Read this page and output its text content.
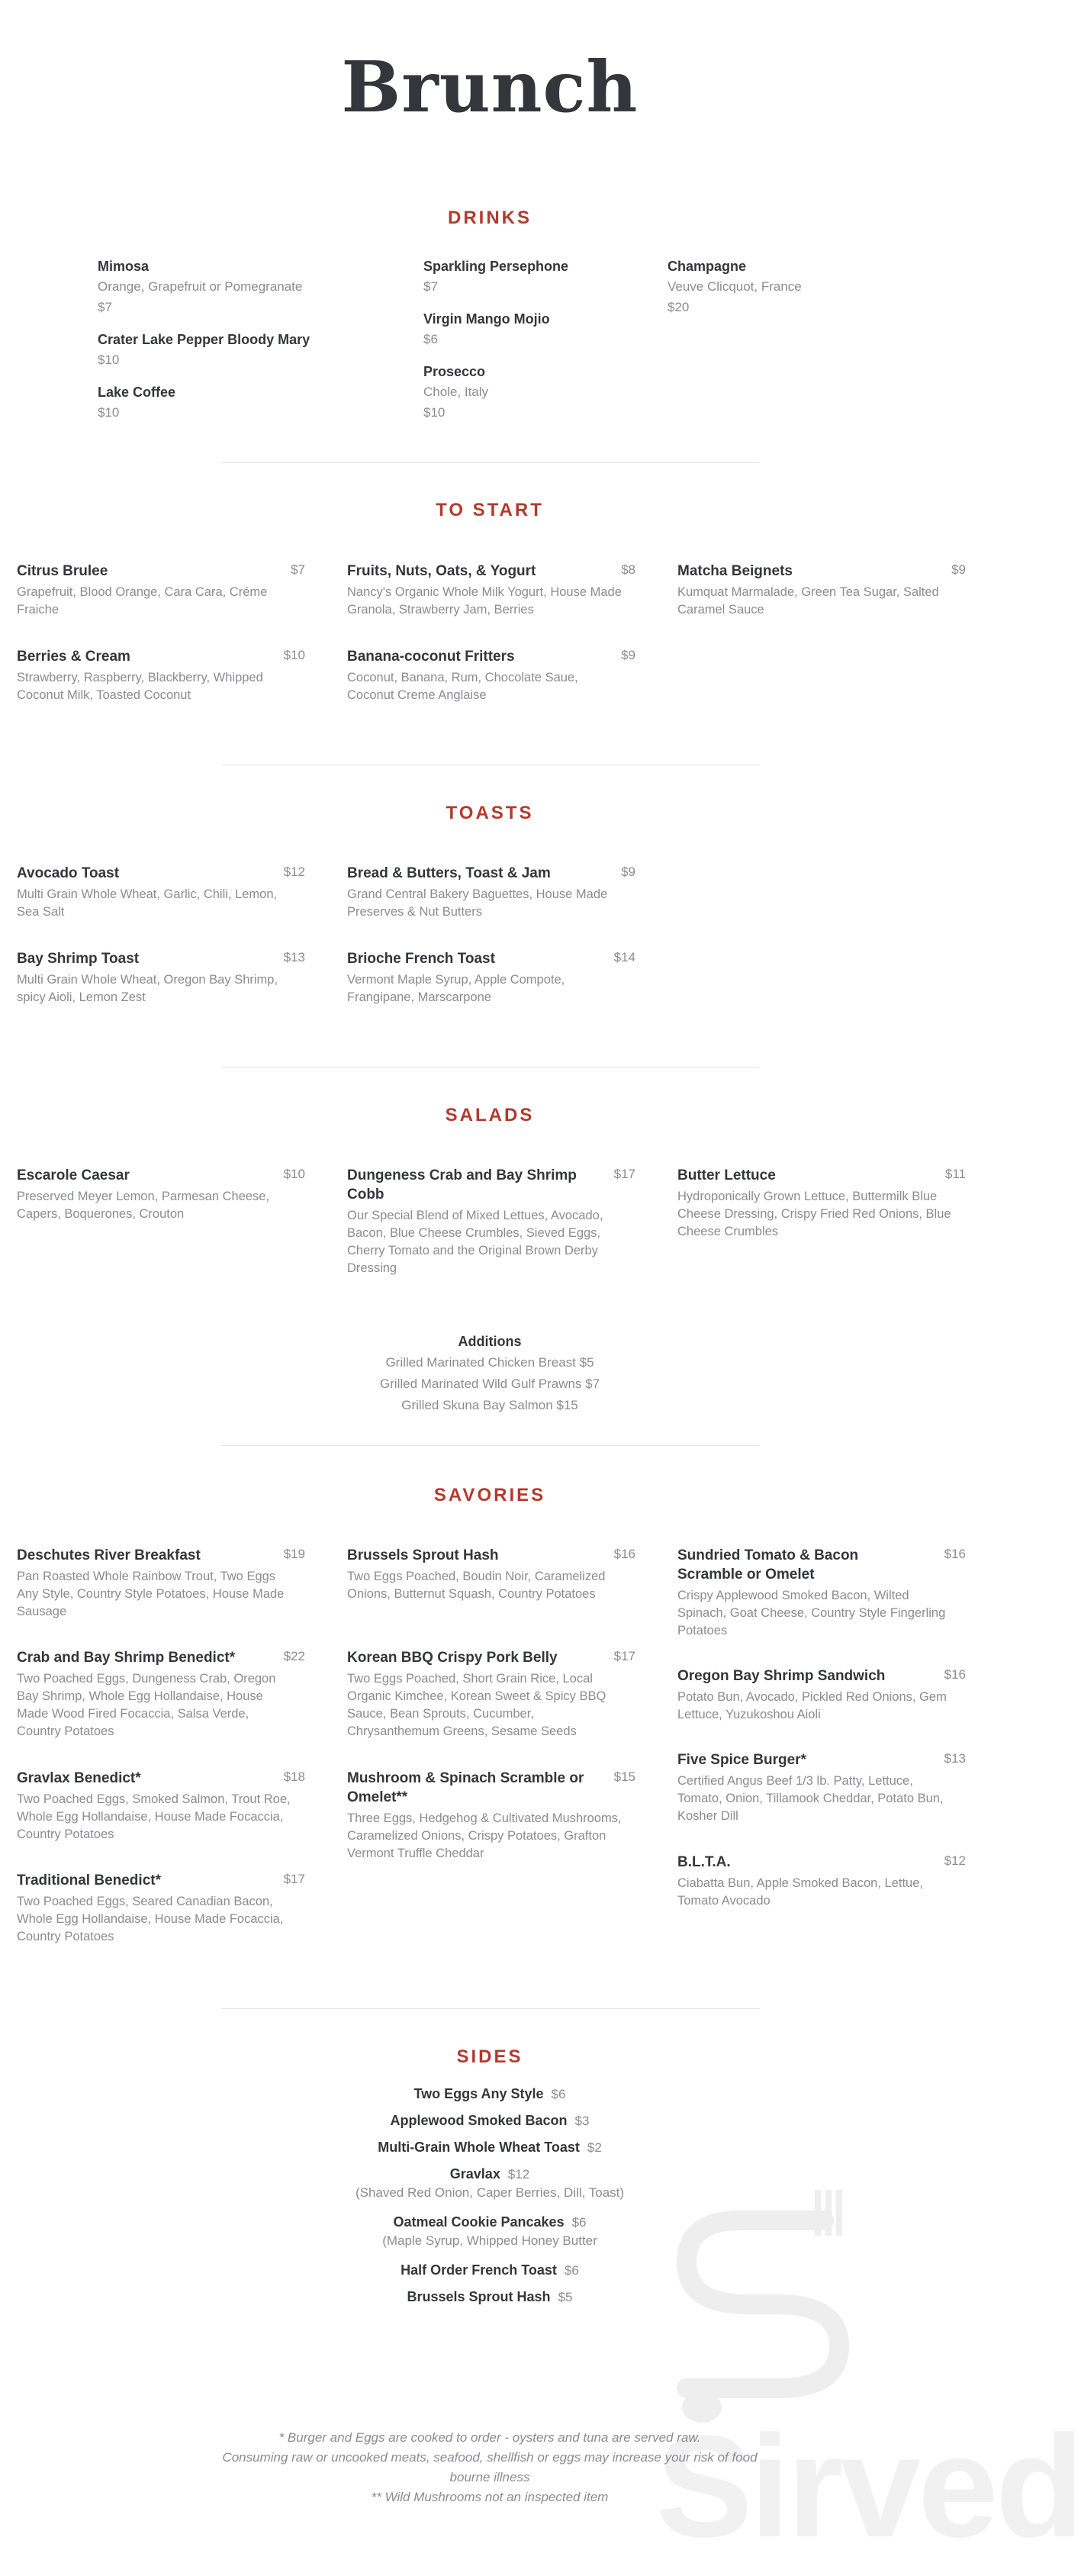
Brunch
DRINKS
Mimosa
Orange, Grapefruit or Pomegranate
$7
Crater Lake Pepper Bloody Mary
$10
Lake Coffee
$10
Sparkling Persephone
$7
Virgin Mango Mojio
$6
Prosecco
Chole, Italy
$10
Champagne
Veuve Clicquot, France
$20
TO START
Citrus Brulee	$7
Grapefruit, Blood Orange, Cara Cara, Créme Fraiche
Berries & Cream	$10
Strawberry, Raspberry, Blackberry, Whipped Coconut Milk, Toasted Coconut
Fruits, Nuts, Oats, & Yogurt	$8
Nancy's Organic Whole Milk Yogurt, House Made Granola, Strawberry Jam, Berries
Banana-coconut Fritters	$9
Coconut, Banana, Rum, Chocolate Saue, Coconut Creme Anglaise
Matcha Beignets	$9
Kumquat Marmalade, Green Tea Sugar, Salted Caramel Sauce
TOASTS
Avocado Toast	$12
Multi Grain Whole Wheat, Garlic, Chili, Lemon, Sea Salt
Bay Shrimp Toast	$13
Multi Grain Whole Wheat, Oregon Bay Shrimp, spicy Aioli, Lemon Zest
Bread & Butters, Toast & Jam	$9
Grand Central Bakery Baguettes, House Made Preserves & Nut Butters
Brioche French Toast	$14
Vermont Maple Syrup, Apple Compote, Frangipane, Marscarpone
SALADS
Escarole Caesar	$10
Preserved Meyer Lemon, Parmesan Cheese, Capers, Boquerones, Crouton
Dungeness Crab and Bay Shrimp Cobb
$17
Our Special Blend of Mixed Lettues, Avocado, Bacon, Blue Cheese Crumbles, Sieved Eggs, Cherry Tomato and the Original Brown Derby Dressing
Butter Lettuce	$11
Hydroponically Grown Lettuce, Buttermilk Blue Cheese Dressing, Crispy Fried Red Onions, Blue Cheese Crumbles
Additions
Grilled Marinated Chicken Breast $5
Grilled Marinated Wild Gulf Prawns $7
Grilled Skuna Bay Salmon $15
SAVORIES
Deschutes River Breakfast	$19
Pan Roasted Whole Rainbow Trout, Two Eggs Any Style, Country Style Potatoes, House Made Sausage
Crab and Bay Shrimp Benedict*	$22
Two Poached Eggs, Dungeness Crab, Oregon Bay Shrimp, Whole Egg Hollandaise, House Made Wood Fired Focaccia, Salsa Verde, Country Potatoes
Gravlax Benedict*	$18
Two Poached Eggs, Smoked Salmon, Trout Roe, Whole Egg Hollandaise, House Made Focaccia, Country Potatoes
Traditional Benedict*	$17
Two Poached Eggs, Seared Canadian Bacon, Whole Egg Hollandaise, House Made Focaccia, Country Potatoes
Brussels Sprout Hash	$16
Two Eggs Poached, Boudin Noir, Caramelized Onions, Butternut Squash, Country Potatoes
Korean BBQ Crispy Pork Belly	$17
Two Eggs Poached, Short Grain Rice, Local Organic Kimchee, Korean Sweet & Spicy BBQ Sauce, Bean Sprouts, Cucumber, Chrysanthemum Greens, Sesame Seeds
Mushroom & Spinach Scramble or Omelet**
$15
Three Eggs, Hedgehog & Cultivated Mushrooms, Caramelized Onions, Crispy Potatoes, Grafton Vermont Truffle Cheddar
Sundried Tomato & Bacon Scramble or Omelet
$16
Crispy Applewood Smoked Bacon, Wilted Spinach, Goat Cheese, Country Style Fingerling Potatoes
Oregon Bay Shrimp Sandwich	$16
Potato Bun, Avocado, Pickled Red Onions, Gem Lettuce, Yuzukoshou Aioli
Five Spice Burger*	$13
Certified Angus Beef 1/3 lb. Patty, Lettuce, Tomato, Onion, Tillamook Cheddar, Potato Bun, Kosher Dill
B.L.T.A.	$12
Ciabatta Bun, Apple Smoked Bacon, Lettue, Tomato Avocado
SIDES
Two Eggs Any Style $6
Applewood Smoked Bacon $3
Multi-Grain Whole Wheat Toast $2
Gravlax $12
(Shaved Red Onion, Caper Berries, Dill, Toast)
Oatmeal Cookie Pancakes $6
(Maple Syrup, Whipped Honey Butter
Half Order French Toast $6
Brussels Sprout Hash $5
Sirved
* Burger and Eggs are cooked to order - oysters and tuna are served raw.
Consuming raw or uncooked meats, seafood, shellfish or eggs may increase your risk of food
bourne illness
** Wild Mushrooms not an inspected item
